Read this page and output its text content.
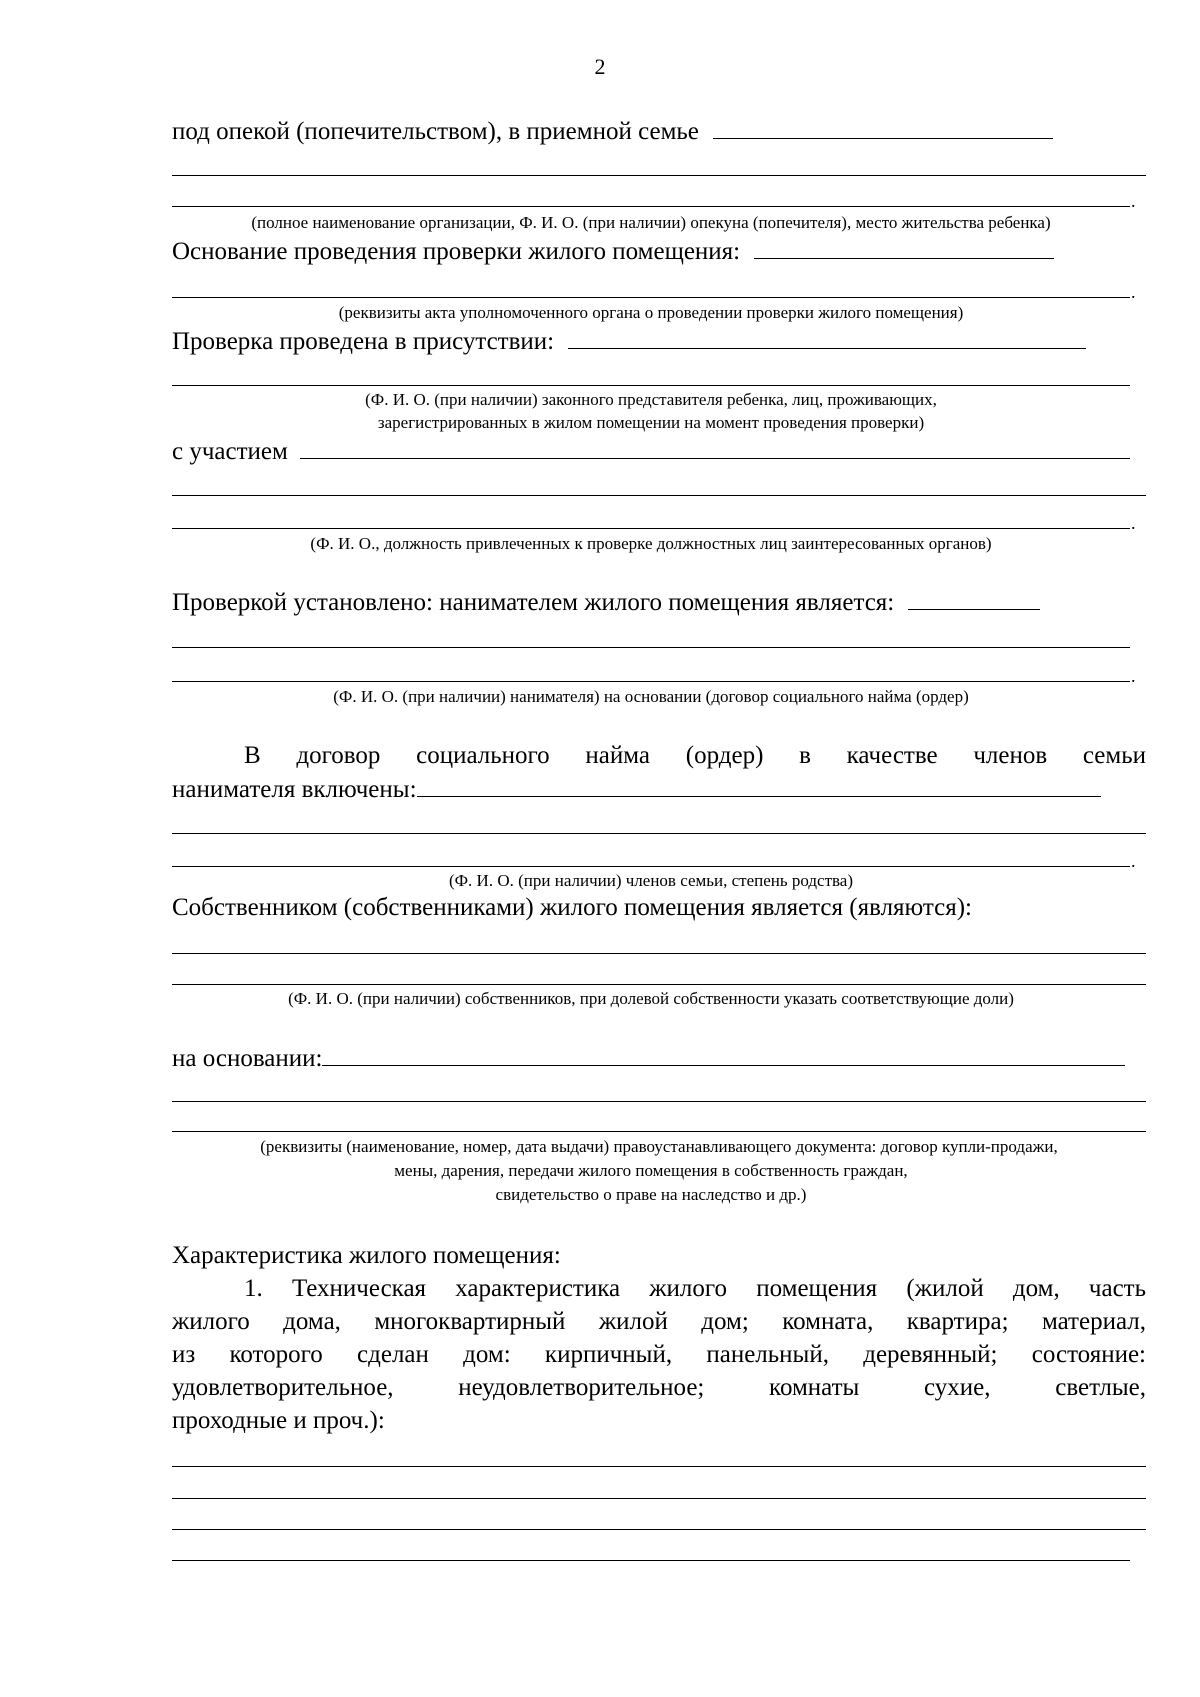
2
под опекой (попечительством), в приемной семье
.
(полное наименование организации, Ф. И. О. (при наличии) опекуна (попечителя), место жительства ребенка)
Основание проведения проверки жилого помещения:
.
(реквизиты акта уполномоченного органа о проведении проверки жилого помещения)
Проверка проведена в присутствии:
(Ф. И. О. (при наличии) законного представителя ребенка, лиц, проживающих,
зарегистрированных в жилом помещении на момент проведения проверки)
с участием
.
(Ф. И. О., должность привлеченных к проверке должностных лиц заинтересованных органов)
Проверкой установлено: нанимателем жилого помещения является:
.
(Ф. И. О. (при наличии) нанимателя) на основании (договор социального найма (ордер)
В договор социального найма (ордер) в качестве членов семьи
нанимателя включены:
.
(Ф. И. О. (при наличии) членов семьи, степень родства)
Собственником (собственниками) жилого помещения является (являются):
(Ф. И. О. (при наличии) собственников, при долевой собственности указать соответствующие доли)
на основании:
(реквизиты (наименование, номер, дата выдачи) правоустанавливающего документа: договор купли-продажи,
мены, дарения, передачи жилого помещения в собственность граждан,
свидетельство о праве на наследство и др.)
Характеристика жилого помещения:
1. Техническая характеристика жилого помещения (жилой дом, часть
жилого дома, многоквартирный жилой дом; комната, квартира; материал,
из которого сделан дом: кирпичный, панельный, деревянный; состояние:
удовлетворительное, неудовлетворительное; комнаты сухие, светлые,
проходные и проч.):
